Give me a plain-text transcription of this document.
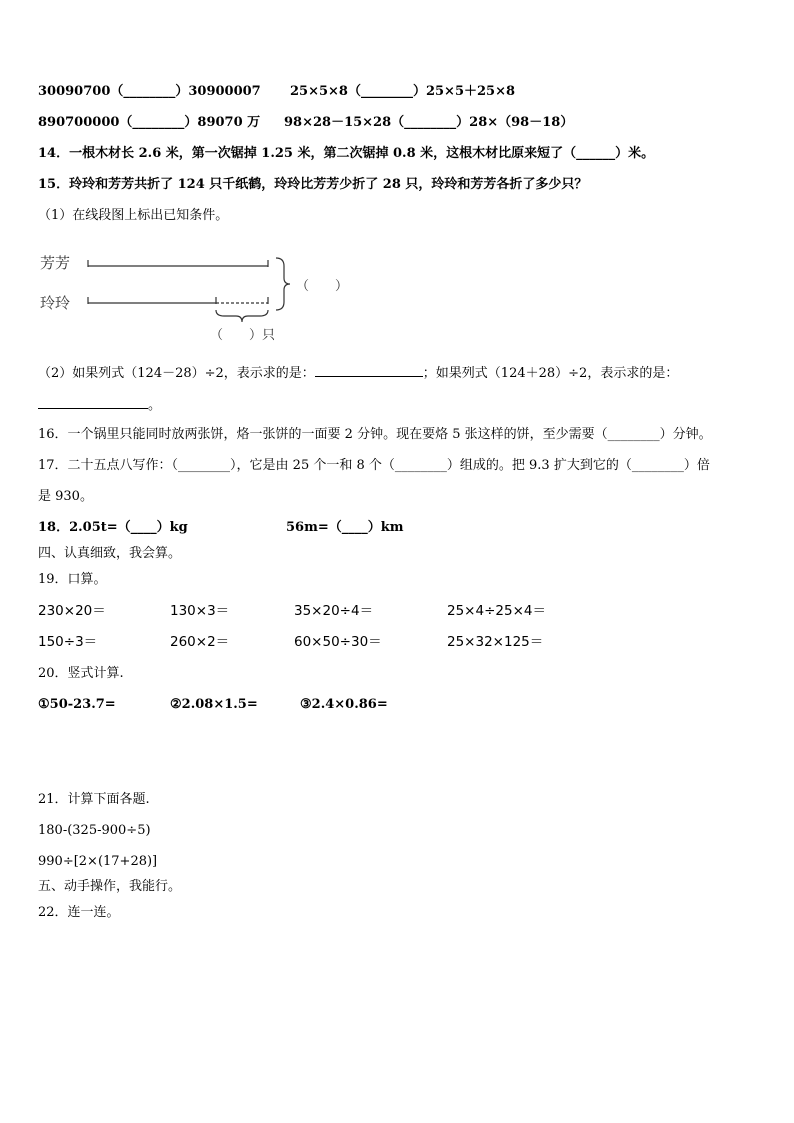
30090700（________）30900007 25×5×8（________）25×5＋25×8
890700000（________）89070 万 98×28－15×28（________）28×（98－18）
14．一根木材长 2.6 米，第一次锯掉 1.25 米，第二次锯掉 0.8 米，这根木材比原来短了（______）米。
15．玲玲和芳芳共折了 124 只千纸鹤，玲玲比芳芳少折了 28 只，玲玲和芳芳各折了多少只？
（1）在线段图上标出已知条件。
芳芳
玲玲
（　　）
（　　）只
（2）如果列式（124－28）÷2，表示求的是：	；如果列式（124＋28）÷2，表示求的是：
。
16．一个锅里只能同时放两张饼，烙一张饼的一面要 2 分钟。现在要烙 5 张这样的饼，至少需要（________）分钟。
17．二十五点八写作：（________），它是由 25 个一和 8 个（________）组成的。把 9.3 扩大到它的（________）倍
是 930。
18．2.05t=（____）kg	56m=（____）km
四、认真细致，我会算。
19．口算。
230×20＝	130×3＝	35×20÷4＝	25×4÷25×4＝
150÷3＝	260×2＝	60×50÷30＝	25×32×125＝
20．竖式计算.
①50-23.7=	②2.08×1.5=	③2.4×0.86=
21．计算下面各题.
180-(325-900÷5)
990÷[2×(17+28)]
五、动手操作，我能行。
22．连一连。
